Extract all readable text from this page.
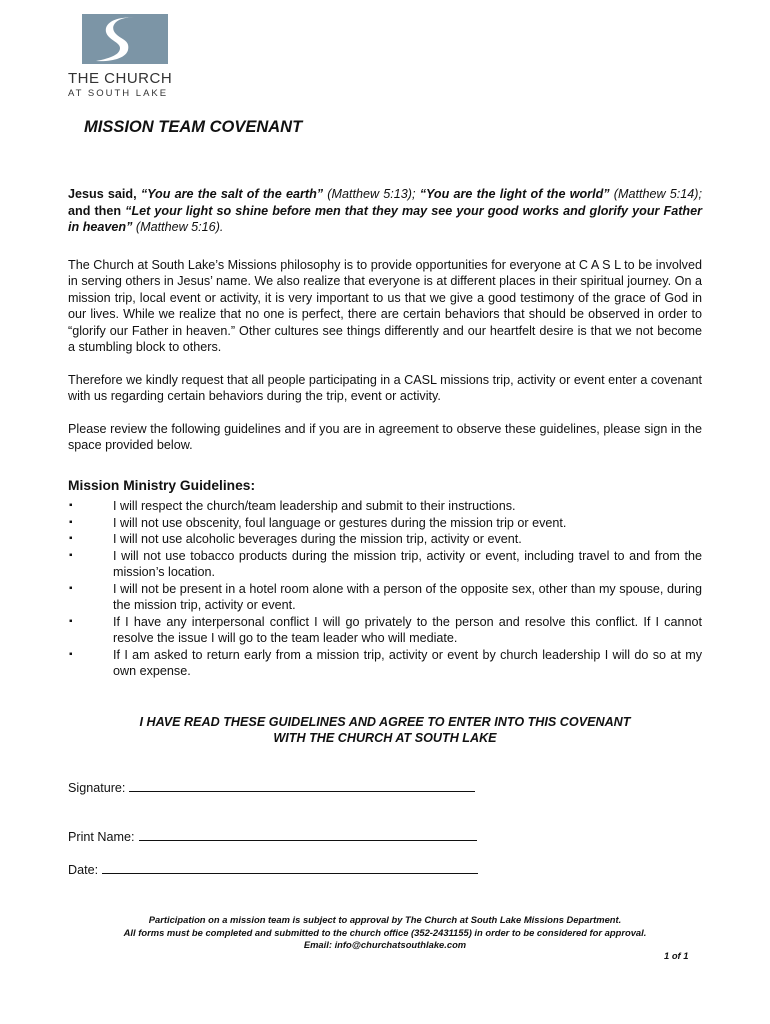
THE CHURCH
AT SOUTH LAKE
MISSION TEAM COVENANT

Jesus said, “You are the salt of the earth” (Matthew 5:13); “You are the light of the world” (Matthew 5:14); and then “Let your light so shine before men that they may see your good works and glorify your Father in heaven” (Matthew 5:16).

The Church at South Lake’s Missions philosophy is to provide opportunities for everyone at C A S L to be involved in serving others in Jesus’ name. We also realize that everyone is at different places in their spiritual journey. On a mission trip, local event or activity, it is very important to us that we give a good testimony of the grace of God in our lives. While we realize that no one is perfect, there are certain behaviors that should be observed in order to “glorify our Father in heaven.” Other cultures see things differently and our heartfelt desire is that we not become a stumbling block to others.

Therefore we kindly request that all people participating in a CASL missions trip, activity or event enter a covenant with us regarding certain behaviors during the trip, event or activity.

Please review the following guidelines and if you are in agreement to observe these guidelines, please sign in the space provided below.

Mission Ministry Guidelines:
▪	I will respect the church/team leadership and submit to their instructions.
▪	I will not use obscenity, foul language or gestures during the mission trip or event.
▪	I will not use alcoholic beverages during the mission trip, activity or event.
▪	I will not use tobacco products during the mission trip, activity or event, including travel to and from the mission’s location.
▪	I will not be present in a hotel room alone with a person of the opposite sex, other than my spouse, during the mission trip, activity or event.
▪	If I have any interpersonal conflict I will go privately to the person and resolve this conflict. If I cannot resolve the issue I will go to the team leader who will mediate.
▪	If I am asked to return early from a mission trip, activity or event by church leadership I will do so at my own expense.
I HAVE READ THESE GUIDELINES AND AGREE TO ENTER INTO THIS COVENANT
WITH THE CHURCH AT SOUTH LAKE
Signature:
Print Name:
Date:
Participation on a mission team is subject to approval by The Church at South Lake Missions Department.
All forms must be completed and submitted to the church office (352-2431155) in order to be considered for approval.
Email: info@churchatsouthlake.com
1 of 1
